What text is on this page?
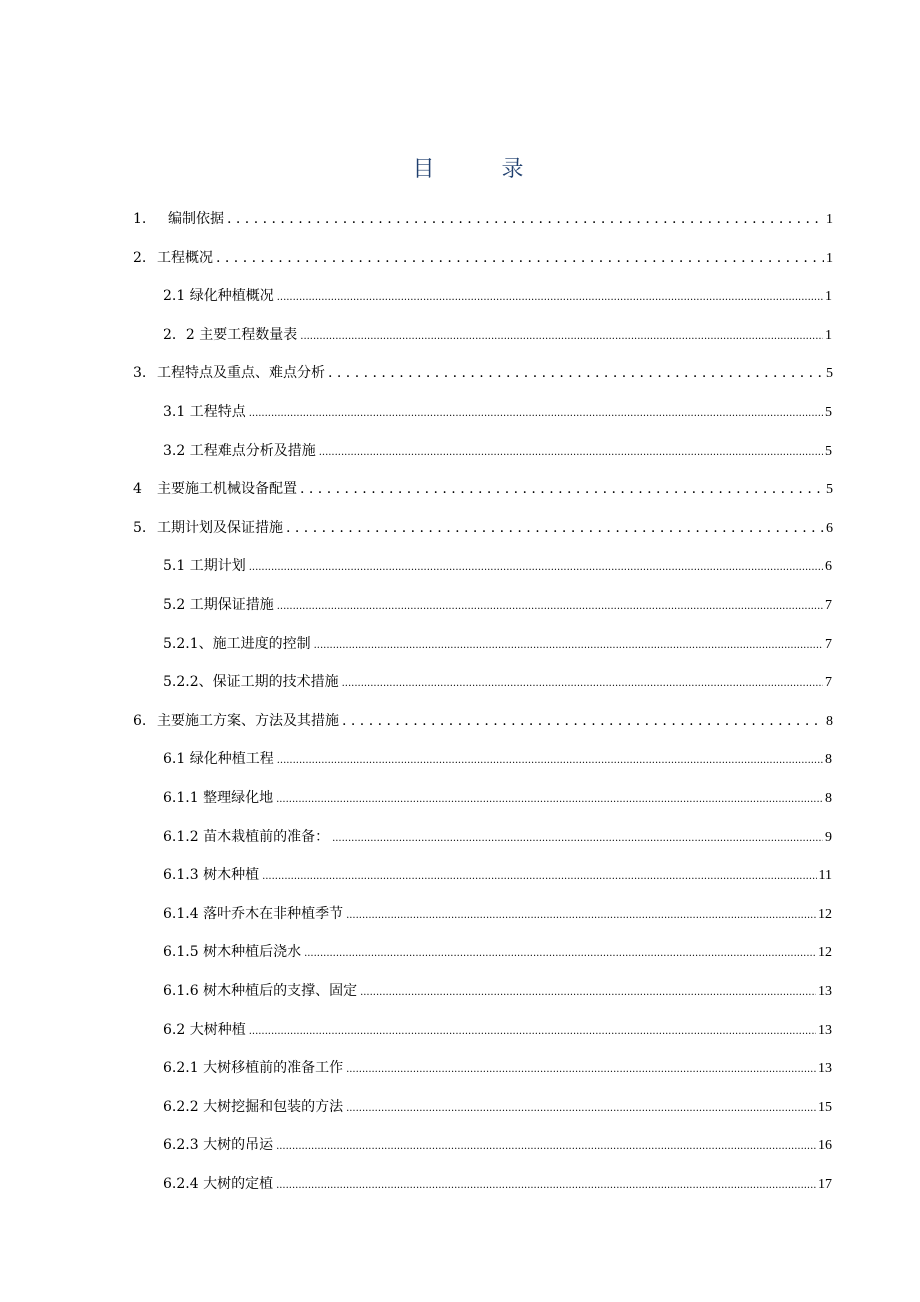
目 录
1.	编制依据 . . .	1
2. 工程概况 . . .	1
2.1 绿化种植概况 .....	1
2．2 主要工程数量表 .....	1
3. 工程特点及重点、难点分析 . . .	5
3.1 工程特点 .....	5
3.2 工程难点分析及措施 .....	5
4	主要施工机械设备配置 . . .	5
5. 工期计划及保证措施 . . .	6
5.1 工期计划 .....	6
5.2 工期保证措施 .....	7
5.2.1、施工进度的控制 .....	7
5.2.2、保证工期的技术措施 .....	7
6. 主要施工方案、方法及其措施 . . .	8
6.1 绿化种植工程 .....	8
6.1.1 整理绿化地 .....	8
6.1.2 苗木栽植前的准备： .....	9
6.1.3 树木种植 .....	11
6.1.4 落叶乔木在非种植季节 .....	12
6.1.5 树木种植后浇水 .....	12
6.1.6 树木种植后的支撑、固定 .....	13
6.2 大树种植 .....	13
6.2.1 大树移植前的准备工作 .....	13
6.2.2 大树挖掘和包装的方法 .....	15
6.2.3 大树的吊运 .....	16
6.2.4 大树的定植 .....	17
